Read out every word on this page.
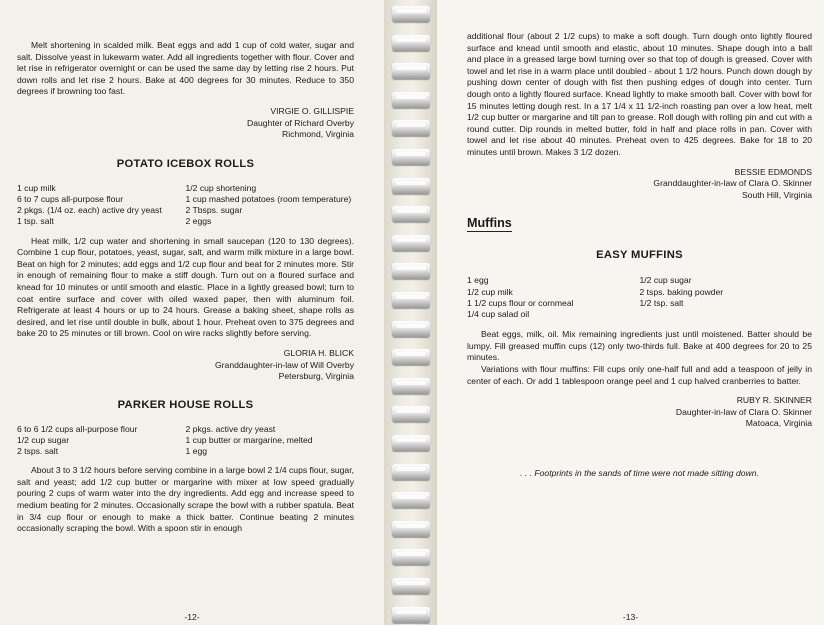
Melt shortening in scalded milk. Beat eggs and add 1 cup of cold water, sugar and salt. Dissolve yeast in lukewarm water. Add all ingredients together with flour. Cover and let rise in refrigerator overnight or can be used the same day by letting rise 2 hours. Put down rolls and let rise 2 hours. Bake at 400 degrees for 30 minutes. Reduce to 350 degrees if browning too fast.

VIRGIE O. GILLISPIE

Daughter of Richard Overby

Richmond, Virginia

POTATO ICEBOX ROLLS

1 cup milk
6 to 7 cups all-purpose flour
2 pkgs. (1/4 oz. each) active dry yeast
1 tsp. salt
1/2 cup shortening
1 cup mashed potatoes (room temperature)
2 Tbsps. sugar
2 eggs

Heat milk, 1/2 cup water and shortening in small saucepan (120 to 130 degrees). Combine 1 cup flour, potatoes, yeast, sugar, salt, and warm milk mixture in a large bowl. Beat on high for 2 minutes; add eggs and 1/2 cup flour and beat for 2 minutes more. Stir in enough of remaining flour to make a stiff dough. Turn out on a floured surface and knead for 10 minutes or until smooth and elastic. Place in a lightly greased bowl; turn to coat entire surface and cover with oiled waxed paper, then with aluminum foil. Refrigerate at least 4 hours or up to 24 hours. Grease a baking sheet, shape rolls as desired, and let rise until double in bulk, about 1 hour. Preheat oven to 375 degrees and bake 20 to 25 minutes or till brown. Cool on wire racks slightly before serving.

GLORIA H. BLICK

Granddaughter-in-law of Will Overby

Petersburg, Virginia

PARKER HOUSE ROLLS

6 to 6 1/2 cups all-purpose flour
1/2 cup sugar
2 tsps. salt
2 pkgs. active dry yeast
1 cup butter or margarine, melted
1 egg

About 3 to 3 1/2 hours before serving combine in a large bowl 2 1/4 cups flour, sugar, salt and yeast; add 1/2 cup butter or margarine with mixer at low speed gradually pouring 2 cups of warm water into the dry ingredients. Add egg and increase speed to medium beating for 2 minutes. Occasionally scrape the bowl with a rubber spatula. Beat in 3/4 cup flour or enough to make a thick batter. Continue beating 2 minutes occasionally scraping the bowl. With a spoon stir in enough

-12-

additional flour (about 2 1/2 cups) to make a soft dough. Turn dough onto lightly floured surface and knead until smooth and elastic, about 10 minutes. Shape dough into a ball and place in a greased large bowl turning over so that top of dough is greased. Cover with towel and let rise in a warm place until doubled - about 1 1/2 hours. Punch down dough by pushing down center of dough with fist then pushing edges of dough into center. Turn dough onto a lightly floured surface. Knead lightly to make smooth ball. Cover with bowl for 15 minutes letting dough rest. In a 17 1/4 x 11 1/2-inch roasting pan over a low heat, melt 1/2 cup butter or margarine and tilt pan to grease. Roll dough with rolling pin and cut with a round cutter. Dip rounds in melted butter, fold in half and place rolls in pan. Cover with towel and let rise about 40 minutes. Preheat oven to 425 degrees. Bake for 18 to 20 minutes until brown. Makes 3 1/2 dozen.

BESSIE EDMONDS

Granddaughter-in-law of Clara O. Skinner

South Hill, Virginia

Muffins

EASY MUFFINS

1 egg
1/2 cup milk
1 1/2 cups flour or cornmeal
1/4 cup salad oil
1/2 cup sugar
2 tsps. baking powder
1/2 tsp. salt

Beat eggs, milk, oil. Mix remaining ingredients just until moistened. Batter should be lumpy. Fill greased muffin cups (12) only two-thirds full. Bake at 400 degrees for 20 to 25 minutes.

Variations with flour muffins: Fill cups only one-half full and add a teaspoon of jelly in center of each. Or add 1 tablespoon orange peel and 1 cup halved cranberries to batter.

RUBY R. SKINNER

Daughter-in-law of Clara O. Skinner

Matoaca, Virginia

. . . Footprints in the sands of time were not made sitting down.

-13-
